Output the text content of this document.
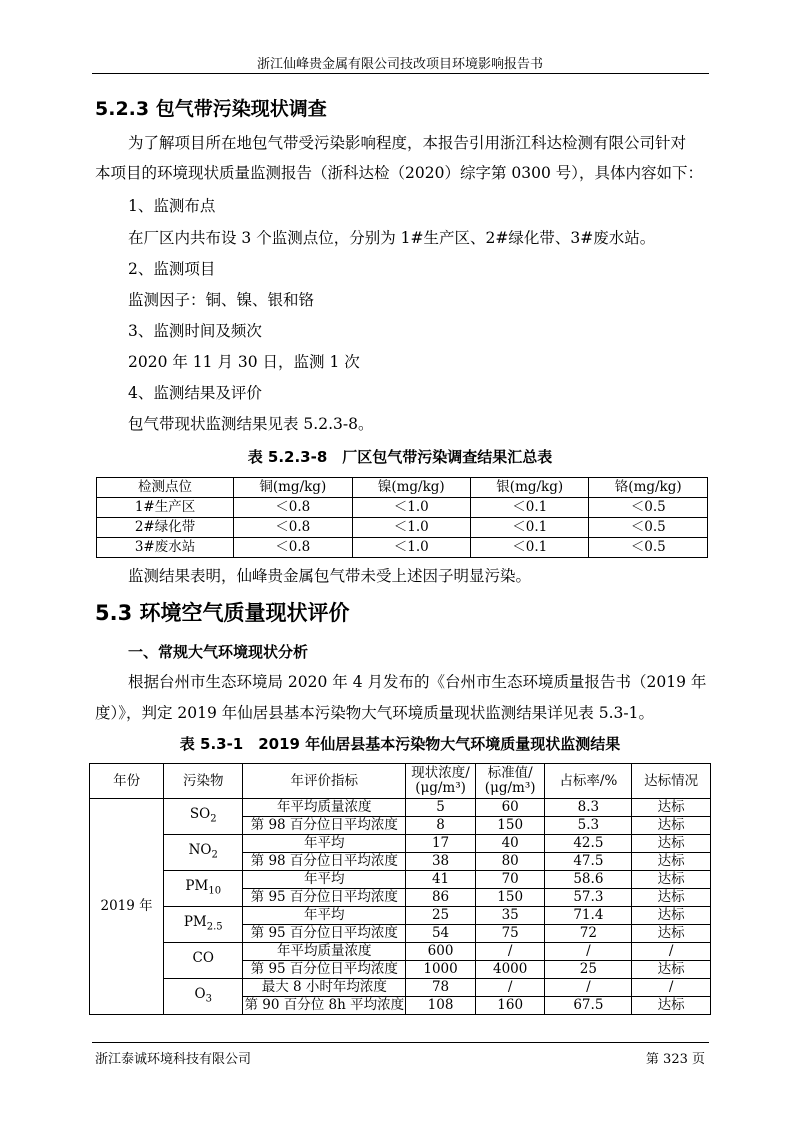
浙江仙峰贵金属有限公司技改项目环境影响报告书
5.2.3 包气带污染现状调查
为了解项目所在地包气带受污染影响程度，本报告引用浙江科达检测有限公司针对
本项目的环境现状质量监测报告（浙科达检（2020）综字第 0300 号），具体内容如下：
1、监测布点
在厂区内共布设 3 个监测点位，分别为 1#生产区、2#绿化带、3#废水站。
2、监测项目
监测因子：铜、镍、银和铬
3、监测时间及频次
2020 年 11 月 30 日，监测 1 次
4、监测结果及评价
包气带现状监测结果见表 5.2.3-8。
表 5.2.3-8　厂区包气带污染调查结果汇总表
检测点位	铜(mg/kg)	镍(mg/kg)	银(mg/kg)	铬(mg/kg)
1#生产区	＜0.8	＜1.0	＜0.1	＜0.5
2#绿化带	＜0.8	＜1.0	＜0.1	＜0.5
3#废水站	＜0.8	＜1.0	＜0.1	＜0.5
监测结果表明，仙峰贵金属包气带未受上述因子明显污染。
5.3 环境空气质量现状评价
一、常规大气环境现状分析
根据台州市生态环境局 2020 年 4 月发布的《台州市生态环境质量报告书（2019 年
度）》，判定 2019 年仙居县基本污染物大气环境质量现状监测结果详见表 5.3-1。
表 5.3-1　2019 年仙居县基本污染物大气环境质量现状监测结果
年份	污染物	年评价指标	现状浓度/
(μg/m³)	标准值/
(μg/m³)	占标率/%	达标情况
2019 年	$SO_2$	年平均质量浓度	5	60	8.3	达标
		第 98 百分位日平均浓度	8	150	5.3	达标
	$NO_2$	年平均	17	40	42.5	达标
		第 98 百分位日平均浓度	38	80	47.5	达标
	$PM_{10}$	年平均	41	70	58.6	达标
		第 95 百分位日平均浓度	86	150	57.3	达标
	$PM_{2.5}$	年平均	25	35	71.4	达标
		第 95 百分位日平均浓度	54	75	72	达标
	CO	年平均质量浓度	600	/	/	/
		第 95 百分位日平均浓度	1000	4000	25	达标
	$O_3$	最大 8 小时年均浓度	78	/	/	/
		第 90 百分位 8h 平均浓度	108	160	67.5	达标
浙江泰诚环境科技有限公司	第 323 页
